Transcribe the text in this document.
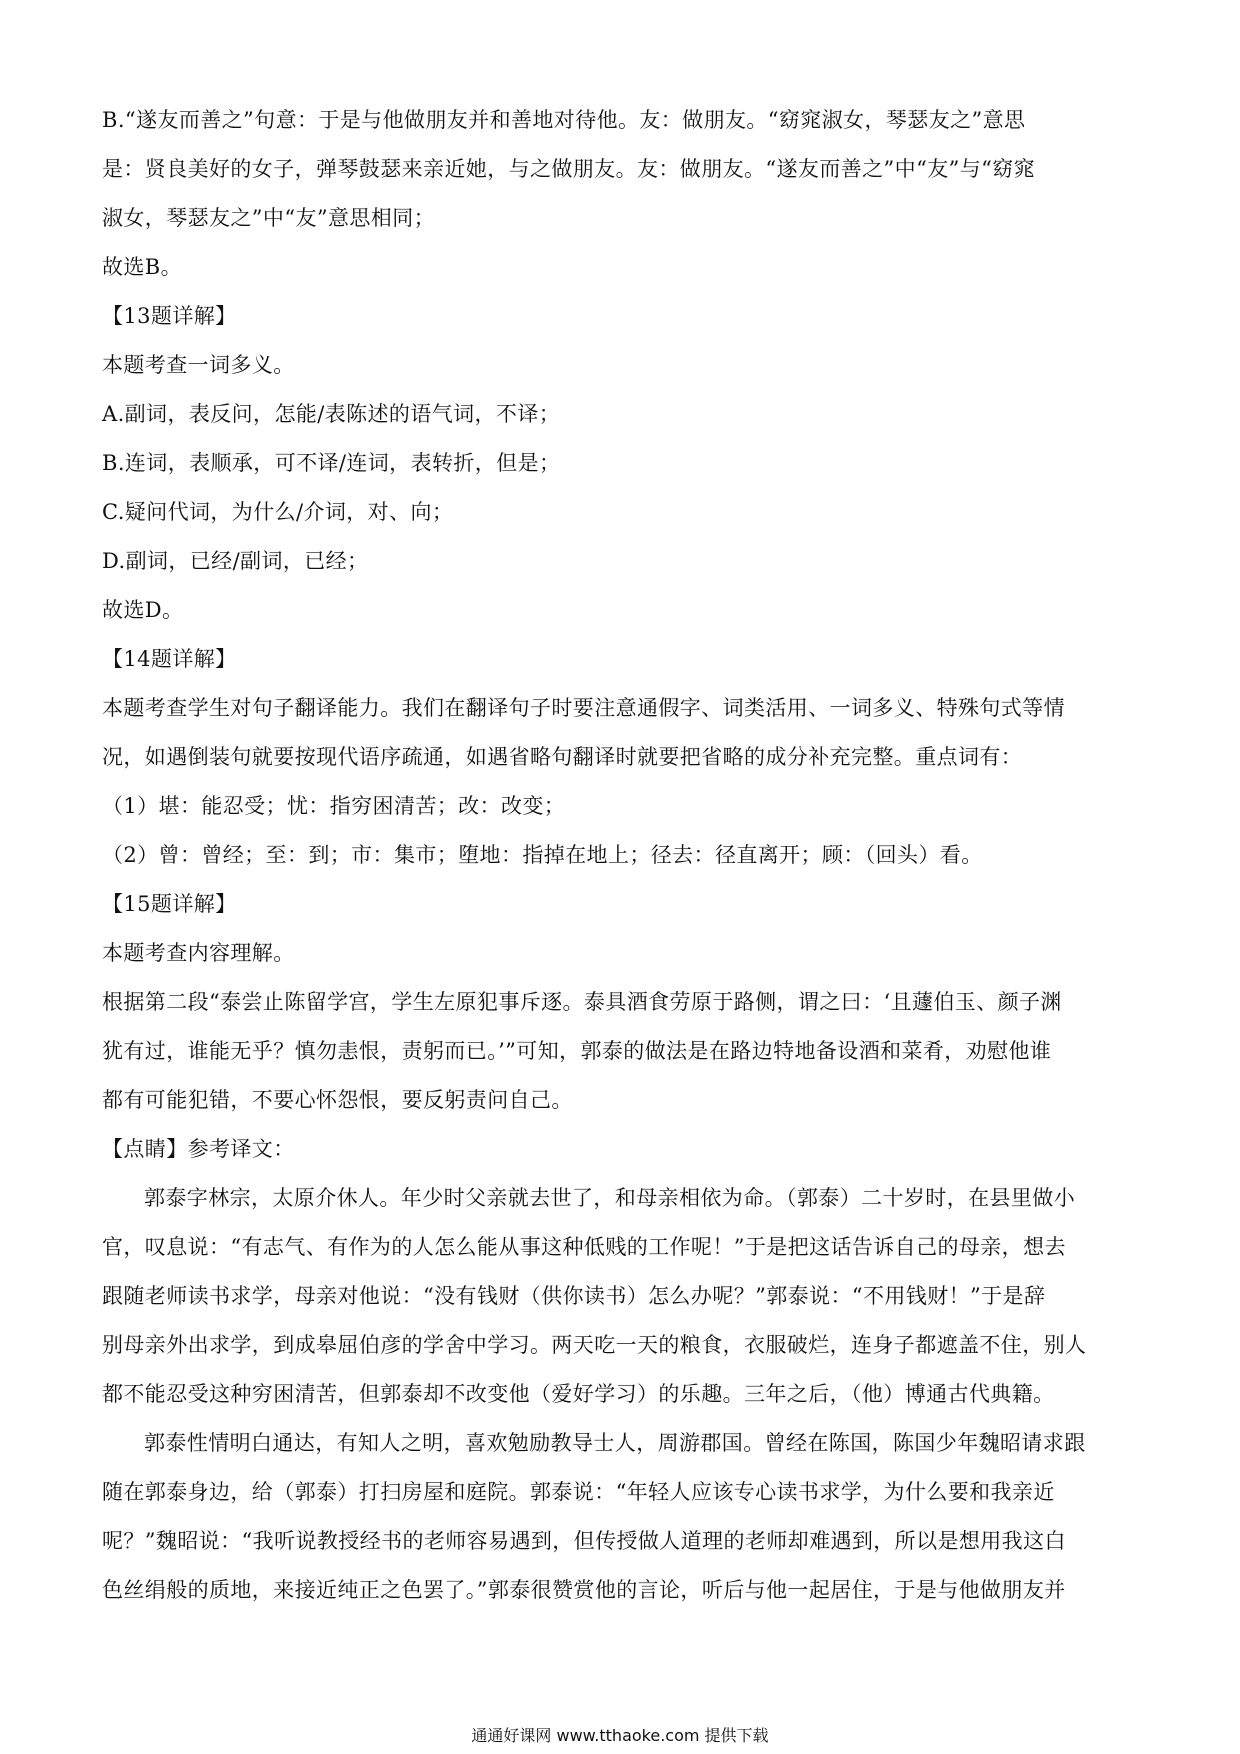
B.“遂友而善之”句意：于是与他做朋友并和善地对待他。友：做朋友。“窈窕淑女，琴瑟友之”意思

是：贤良美好的女子，弹琴鼓瑟来亲近她，与之做朋友。友：做朋友。“遂友而善之”中“友”与“窈窕

淑女，琴瑟友之”中“友”意思相同；

故选B。

【13题详解】

本题考查一词多义。

A.副词，表反问，怎能/表陈述的语气词，不译；

B.连词，表顺承，可不译/连词，表转折，但是；

C.疑问代词，为什么/介词，对、向；

D.副词，已经/副词，已经；

故选D。

【14题详解】

本题考查学生对句子翻译能力。我们在翻译句子时要注意通假字、词类活用、一词多义、特殊句式等情

况，如遇倒装句就要按现代语序疏通，如遇省略句翻译时就要把省略的成分补充完整。重点词有：

（1）堪：能忍受；忧：指穷困清苦；改：改变；

（2）曾：曾经；至：到；市：集市；堕地：指掉在地上；径去：径直离开；顾：（回头）看。

【15题详解】

本题考查内容理解。

根据第二段“泰尝止陈留学宫，学生左原犯事斥逐。泰具酒食劳原于路侧，谓之曰：‘且蘧伯玉、颜子渊

犹有过，谁能无乎？慎勿恚恨，责躬而已。’”可知，郭泰的做法是在路边特地备设酒和菜肴，劝慰他谁

都有可能犯错，不要心怀怨恨，要反躬责问自己。

【点睛】参考译文：

郭泰字林宗，太原介休人。年少时父亲就去世了，和母亲相依为命。（郭泰）二十岁时，在县里做小

官，叹息说：“有志气、有作为的人怎么能从事这种低贱的工作呢！”于是把这话告诉自己的母亲，想去

跟随老师读书求学，母亲对他说：“没有钱财（供你读书）怎么办呢？”郭泰说：“不用钱财！”于是辞

别母亲外出求学，到成皋屈伯彦的学舍中学习。两天吃一天的粮食，衣服破烂，连身子都遮盖不住，别人

都不能忍受这种穷困清苦，但郭泰却不改变他（爱好学习）的乐趣。三年之后，（他）博通古代典籍。

郭泰性情明白通达，有知人之明，喜欢勉励教导士人，周游郡国。曾经在陈国，陈国少年魏昭请求跟

随在郭泰身边，给（郭泰）打扫房屋和庭院。郭泰说：“年轻人应该专心读书求学，为什么要和我亲近

呢？”魏昭说：“我听说教授经书的老师容易遇到，但传授做人道理的老师却难遇到，所以是想用我这白

色丝绢般的质地，来接近纯正之色罢了。”郭泰很赞赏他的言论，听后与他一起居住，于是与他做朋友并

通通好课网 www.tthaoke.com 提供下载
